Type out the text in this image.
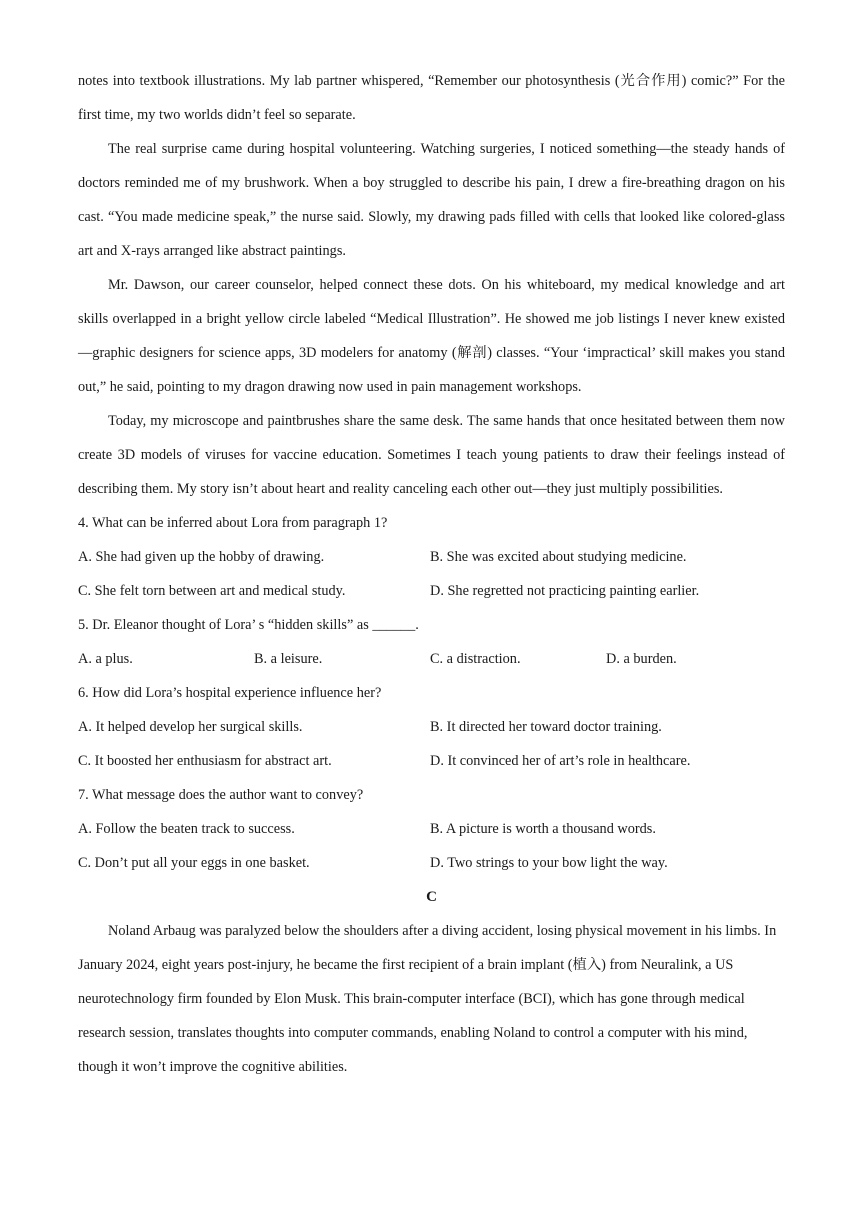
notes into textbook illustrations. My lab partner whispered, “Remember our photosynthesis (光合作用) comic?” For the first time, my two worlds didn’t feel so separate.

The real surprise came during hospital volunteering. Watching surgeries, I noticed something—the steady hands of doctors reminded me of my brushwork. When a boy struggled to describe his pain, I drew a fire-breathing dragon on his cast. “You made medicine speak,” the nurse said. Slowly, my drawing pads filled with cells that looked like colored-glass art and X-rays arranged like abstract paintings.

Mr. Dawson, our career counselor, helped connect these dots. On his whiteboard, my medical knowledge and art skills overlapped in a bright yellow circle labeled “Medical Illustration”. He showed me job listings I never knew existed—graphic designers for science apps, 3D modelers for anatomy (解剖) classes. “Your ‘impractical’ skill makes you stand out,” he said, pointing to my dragon drawing now used in pain management workshops.

Today, my microscope and paintbrushes share the same desk. The same hands that once hesitated between them now create 3D models of viruses for vaccine education. Sometimes I teach young patients to draw their feelings instead of describing them. My story isn’t about heart and reality canceling each other out—they just multiply possibilities.

4. What can be inferred about Lora from paragraph 1?

A. She had given up the hobby of drawing.	B. She was excited about studying medicine.
C. She felt torn between art and medical study.	D. She regretted not practicing painting earlier.

5. Dr. Eleanor thought of Lora’ s “hidden skills” as ______.

A. a plus.	B. a leisure.	C. a distraction.	D. a burden.

6. How did Lora’s hospital experience influence her?

A. It helped develop her surgical skills.	B. It directed her toward doctor training.
C. It boosted her enthusiasm for abstract art.	D. It convinced her of art’s role in healthcare.

7. What message does the author want to convey?

A. Follow the beaten track to success.	B. A picture is worth a thousand words.
C. Don’t put all your eggs in one basket.	D. Two strings to your bow light the way.

C

Noland Arbaug was paralyzed below the shoulders after a diving accident, losing physical movement in his limbs. In January 2024, eight years post-injury, he became the first recipient of a brain implant (植入) from Neuralink, a US neurotechnology firm founded by Elon Musk. This brain-computer interface (BCI), which has gone through medical research session, translates thoughts into computer commands, enabling Noland to control a computer with his mind, though it won’t improve the cognitive abilities.
